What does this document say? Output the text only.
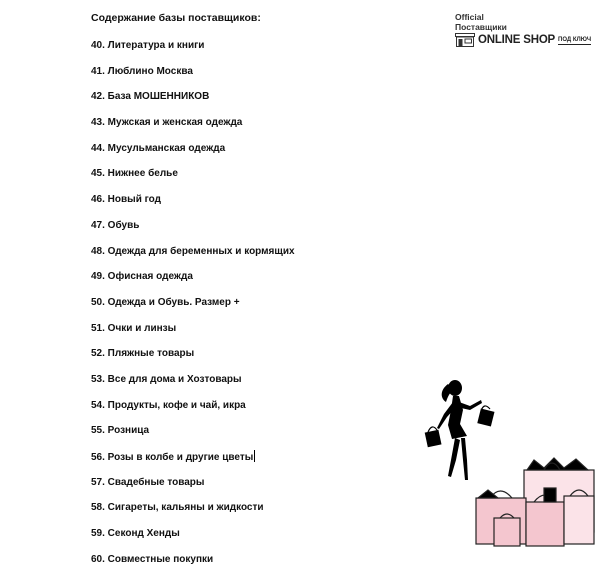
Содержание базы поставщиков:
40. Литература и книги
41. Люблино Москва
42. База МОШЕННИКОВ
43. Мужская и женская одежда
44. Мусульманская одежда
45. Нижнее белье
46. Новый год
47. Обувь
48. Одежда для беременных и кормящих
49. Офисная одежда
50. Одежда и Обувь. Размер +
51. Очки и линзы
52. Пляжные товары
53. Все для дома и Хозтовары
54. Продукты, кофе и чай, икра
55. Розница
56. Розы в колбе и другие цветы
57. Свадебные товары
58. Сигареты, кальяны и жидкости
59. Секонд Хенды
60. Совместные покупки
Official
Поставщики
ONLINE SHOP ПОД КЛЮЧ
